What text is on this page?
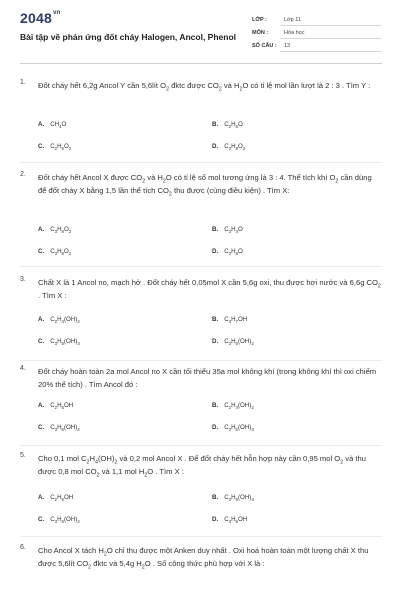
$2048^{vn}$
Bài tập về phản ứng đốt cháy Halogen, Ancol, Phenol
LỚP :	Lớp 11
MÔN :	Hóa học
SỐ CÂU : 13
1. Đốt cháy hết 6,2g Ancol Y cần 5,6lít $O_2$ đktc được $CO_2$ và $H_2O$ có tỉ lệ mol lần lượt là 2 : 3 . Tìm Y :
A. $CH_4O$	B. $C_2H_6O$
C. $C_2H_6O_2$	D. $C_3H_8O_2$
2. Đốt cháy hết Ancol X được $CO_2$ và $H_2O$ có tỉ lệ số mol tương ứng là 3 : 4. Thể tích khí $O_2$ cần dùng để đốt cháy X bằng 1,5 lần thể tích $CO_2$ thu được (cùng điều kiện) . Tìm X:
A. $C_3H_8O_3$	B. $C_3H_4O$
C. $C_3H_8O_2$	D. $C_3H_8O$
3. Chất X là 1 Ancol no, mạch hở . Đốt cháy hết 0,05mol X cần 5,6g oxi, thu được hơi nước và 6,6g $CO_2$ . Tìm X :
A. $C_2H_4(OH)_2$	B. $C_3H_7OH$
C. $C_3H_5(OH)_3$	D. $C_3H_6(OH)_2$
4. Đốt cháy hoàn toàn 2a mol Ancol no X cần tối thiểu 35a mol không khí (trong không khí thì oxi chiếm 20% thể tích) . Tìm Ancol đó :
A. $C_2H_5OH$	B. $C_2H_4(OH)_2$
C. $C_3H_6(OH)_2$	D. $C_3H_5(OH)_3$
5. Cho 0,1 mol $C_2H_4(OH)_2$ và 0,2 mol Ancol X . Để đốt cháy hết hỗn hợp này cần 0,95 mol $O_2$ và thu được 0,8 mol $CO_2$ và 1,1 mol $H_2O$ . Tìm X :
A. $C_2H_5OH$	B. $C_3H_5(OH)_3$
C. $C_3H_6(OH)_2$	D. $C_3H_5OH$
6. Cho Ancol X tách $H_2O$ chỉ thu được một Anken duy nhất . Oxi hoá hoàn toàn một lượng chất X thu được 5,6lít $CO_2$ đktc và 5,4g $H_2O$ . Số công thức phù hợp với X là :
